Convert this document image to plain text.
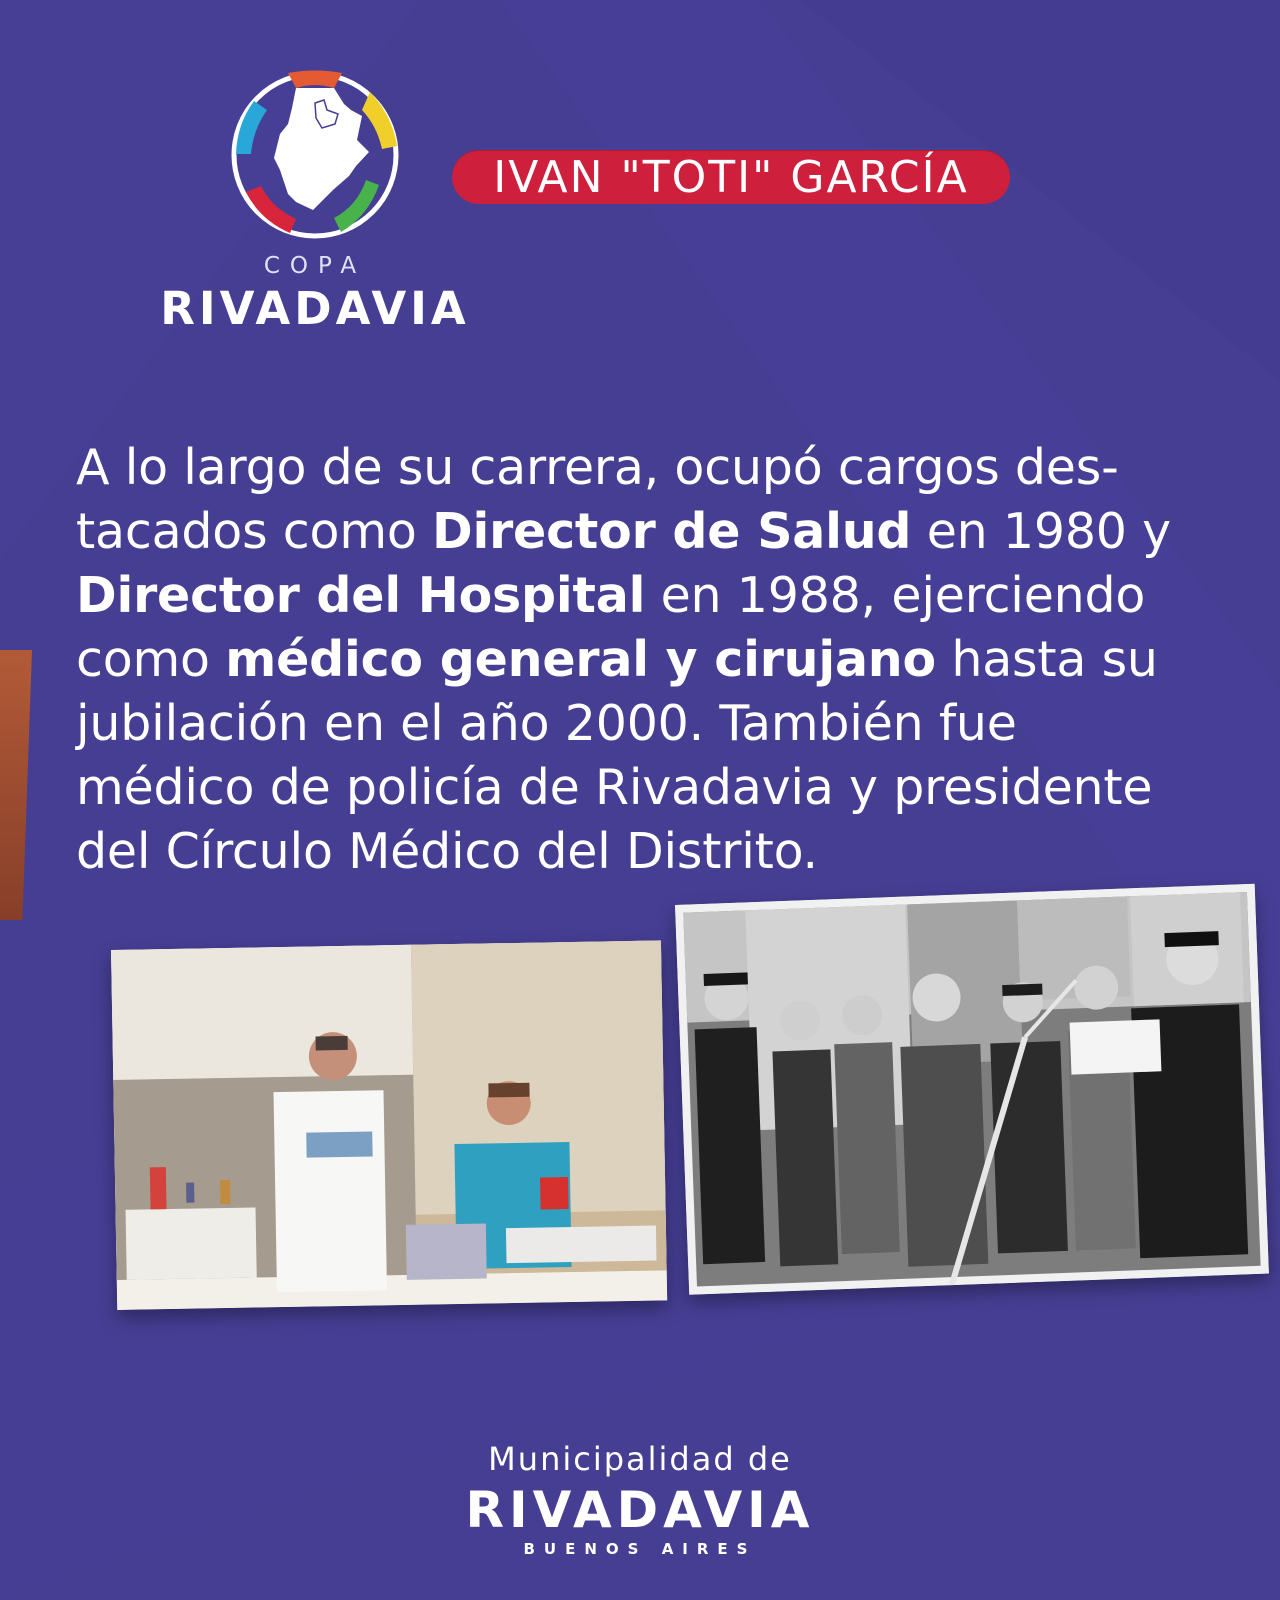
COPA
RIVADAVIA
IVAN "TOTI" GARCÍA
A lo largo de su carrera, ocupó cargos des-
tacados como Director de Salud en 1980 y
Director del Hospital en 1988, ejerciendo
como médico general y cirujano hasta su
jubilación en el año 2000. También fue
médico de policía de Rivadavia y presidente
del Círculo Médico del Distrito.
Municipalidad de
RIVADAVIA
BUENOS AIRES
